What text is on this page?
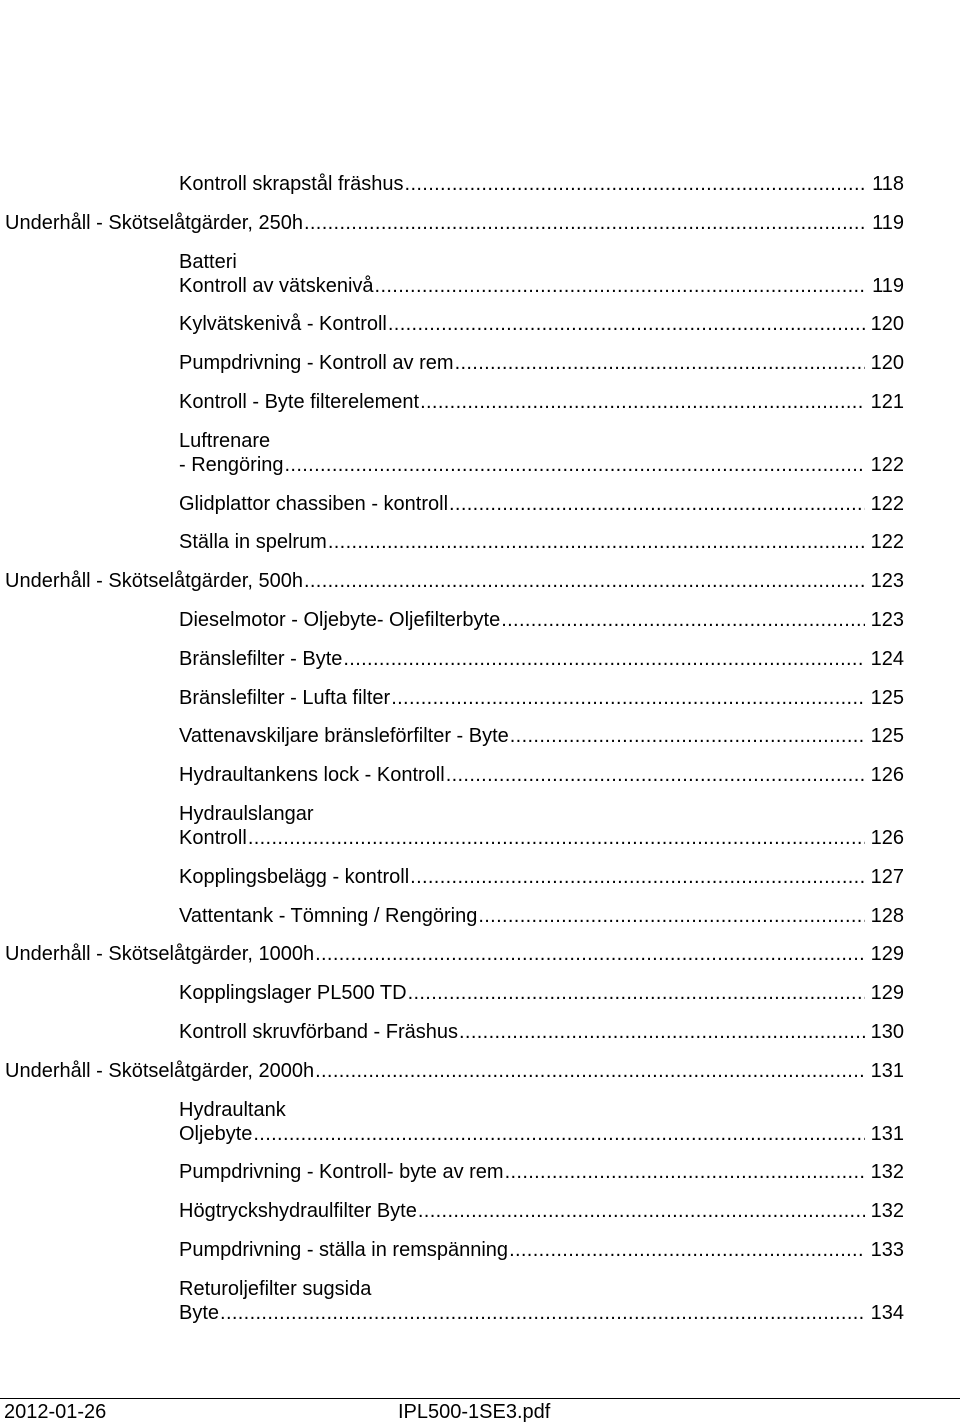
Kontroll skrapstål fräshus . . .	118
Underhåll - Skötselåtgärder, 250h . . .	119
Batteri
Kontroll av vätskenivå . . .	119
Kylvätskenivå - Kontroll . . .	120
Pumpdrivning - Kontroll av rem . . .	120
Kontroll - Byte filterelement . . .	121
Luftrenare
- Rengöring . . .	122
Glidplattor chassiben - kontroll . . .	122
Ställa in spelrum . . .	122
Underhåll - Skötselåtgärder, 500h . . .	123
Dieselmotor - Oljebyte- Oljefilterbyte . . .	123
Bränslefilter - Byte . . .	124
Bränslefilter - Lufta filter . . .	125
Vattenavskiljare bränsleförfilter - Byte . . .	125
Hydraultankens lock - Kontroll . . .	126
Hydraulslangar
Kontroll . . .	126
Kopplingsbelägg - kontroll . . .	127
Vattentank - Tömning / Rengöring . . .	128
Underhåll - Skötselåtgärder, 1000h . . .	129
Kopplingslager PL500 TD . . .	129
Kontroll skruvförband - Fräshus . . .	130
Underhåll - Skötselåtgärder, 2000h . . .	131
Hydraultank
Oljebyte . . .	131
Pumpdrivning - Kontroll- byte av rem . . .	132
Högtryckshydraulfilter Byte . . .	132
Pumpdrivning - ställa in remspänning . . .	133
Returoljefilter sugsida
Byte . . .	134
2012-01-26	IPL500-1SE3.pdf
